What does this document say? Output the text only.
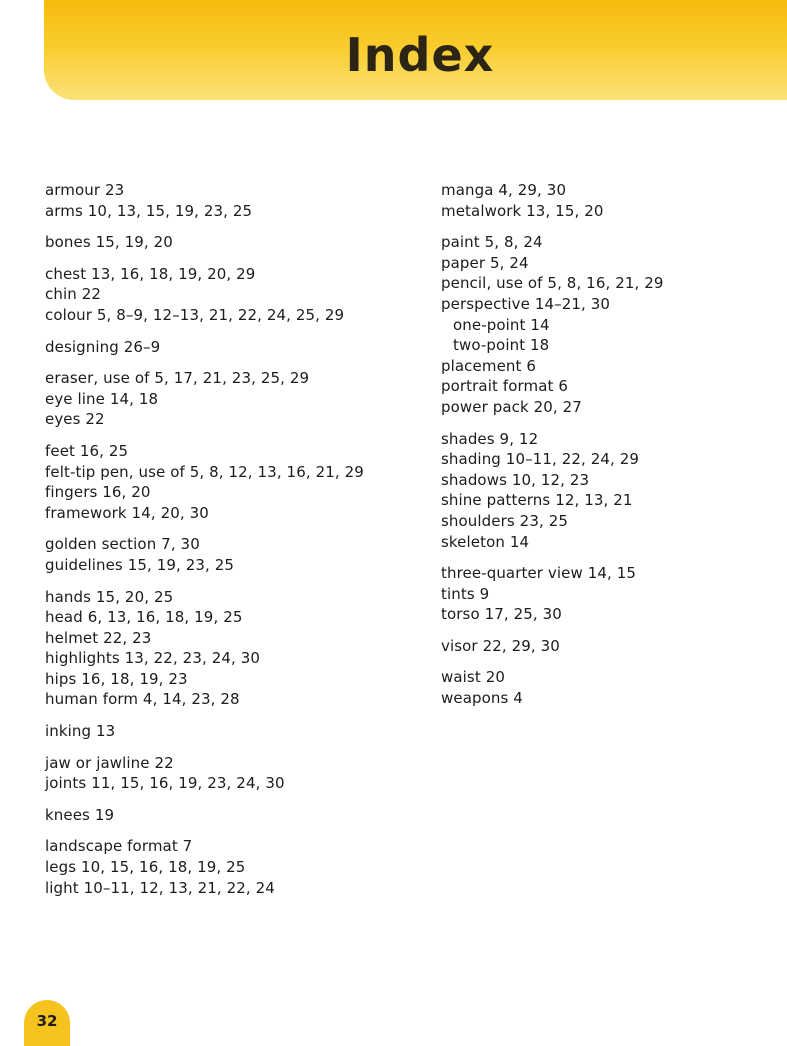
Index
armour 23
arms 10, 13, 15, 19, 23, 25
bones 15, 19, 20
chest 13, 16, 18, 19, 20, 29
chin 22
colour 5, 8–9, 12–13, 21, 22, 24, 25, 29
designing 26–9
eraser, use of 5, 17, 21, 23, 25, 29
eye line 14, 18
eyes 22
feet 16, 25
felt-tip pen, use of 5, 8, 12, 13, 16, 21, 29
fingers 16, 20
framework 14, 20, 30
golden section 7, 30
guidelines 15, 19, 23, 25
hands 15, 20, 25
head 6, 13, 16, 18, 19, 25
helmet 22, 23
highlights 13, 22, 23, 24, 30
hips 16, 18, 19, 23
human form 4, 14, 23, 28
inking 13
jaw or jawline 22
joints 11, 15, 16, 19, 23, 24, 30
knees 19
landscape format 7
legs 10, 15, 16, 18, 19, 25
light 10–11, 12, 13, 21, 22, 24
manga 4, 29, 30
metalwork 13, 15, 20
paint 5, 8, 24
paper 5, 24
pencil, use of 5, 8, 16, 21, 29
perspective 14–21, 30
one-point 14
two-point 18
placement 6
portrait format 6
power pack 20, 27
shades 9, 12
shading 10–11, 22, 24, 29
shadows 10, 12, 23
shine patterns 12, 13, 21
shoulders 23, 25
skeleton 14
three-quarter view 14, 15
tints 9
torso 17, 25, 30
visor 22, 29, 30
waist 20
weapons 4
32
